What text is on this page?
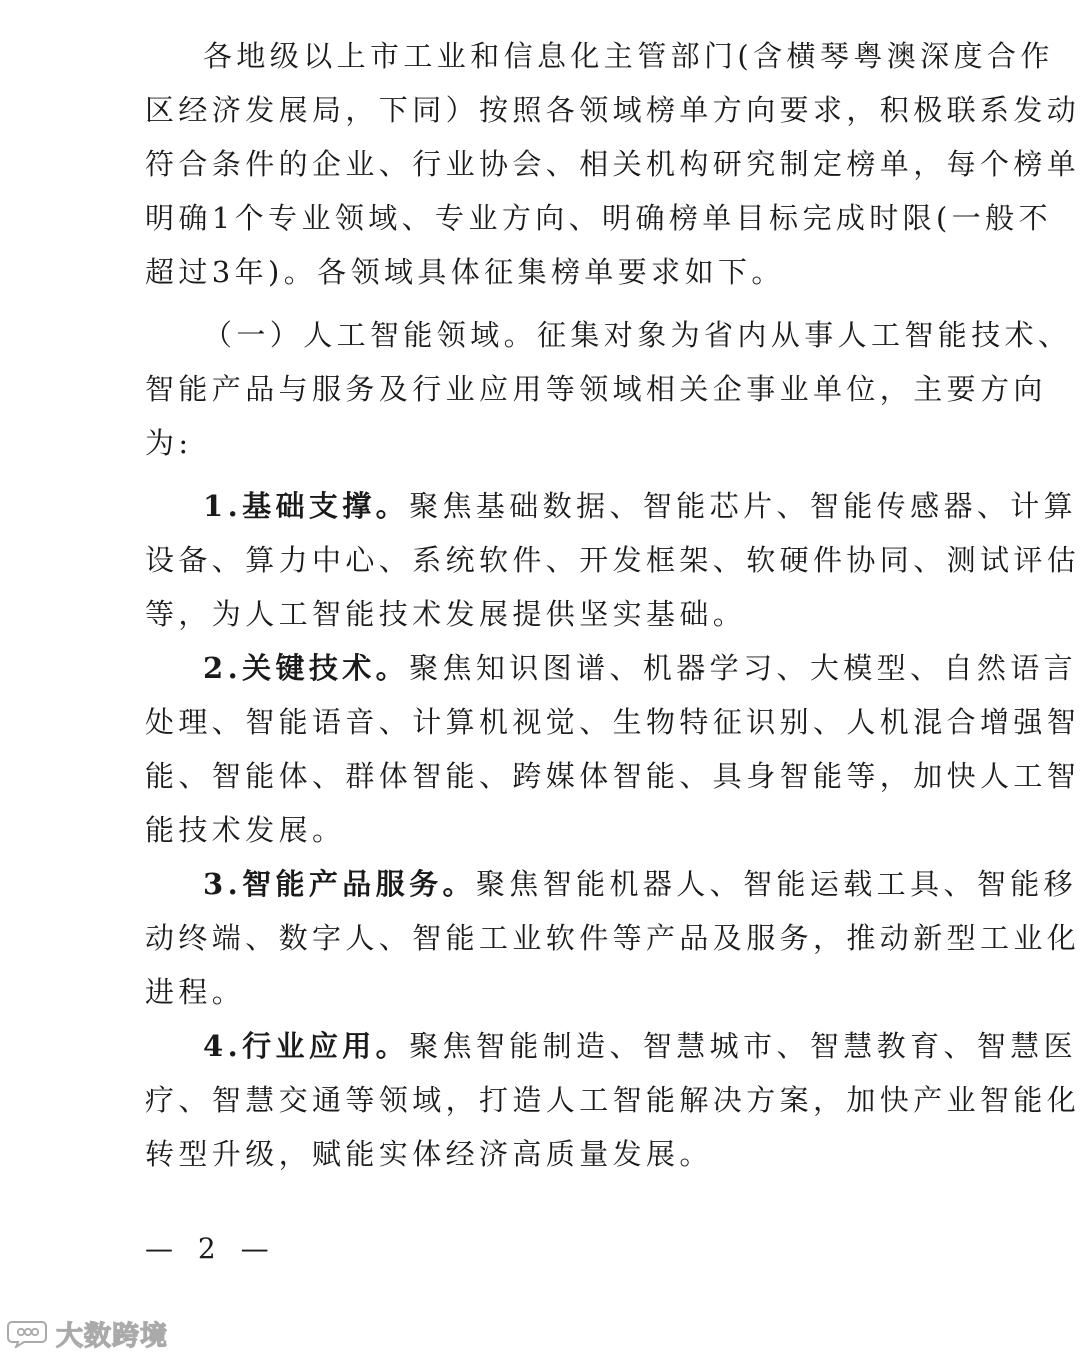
各地级以上市工业和信息化主管部门(含横琴粤澳深度合作
区经济发展局，下同）按照各领域榜单方向要求，积极联系发动
符合条件的企业、行业协会、相关机构研究制定榜单，每个榜单
明确1个专业领域、专业方向、明确榜单目标完成时限(一般不
超过3年)。各领域具体征集榜单要求如下。
（一）人工智能领域。征集对象为省内从事人工智能技术、
智能产品与服务及行业应用等领域相关企事业单位，主要方向
为:
1.基础支撑。聚焦基础数据、智能芯片、智能传感器、计算
设备、算力中心、系统软件、开发框架、软硬件协同、测试评估
等，为人工智能技术发展提供坚实基础。
2.关键技术。聚焦知识图谱、机器学习、大模型、自然语言
处理、智能语音、计算机视觉、生物特征识别、人机混合增强智
能、智能体、群体智能、跨媒体智能、具身智能等，加快人工智
能技术发展。
3.智能产品服务。聚焦智能机器人、智能运载工具、智能移
动终端、数字人、智能工业软件等产品及服务，推动新型工业化
进程。
4.行业应用。聚焦智能制造、智慧城市、智慧教育、智慧医
疗、智慧交通等领域，打造人工智能解决方案，加快产业智能化
转型升级，赋能实体经济高质量发展。
— 2 —
大数跨境
